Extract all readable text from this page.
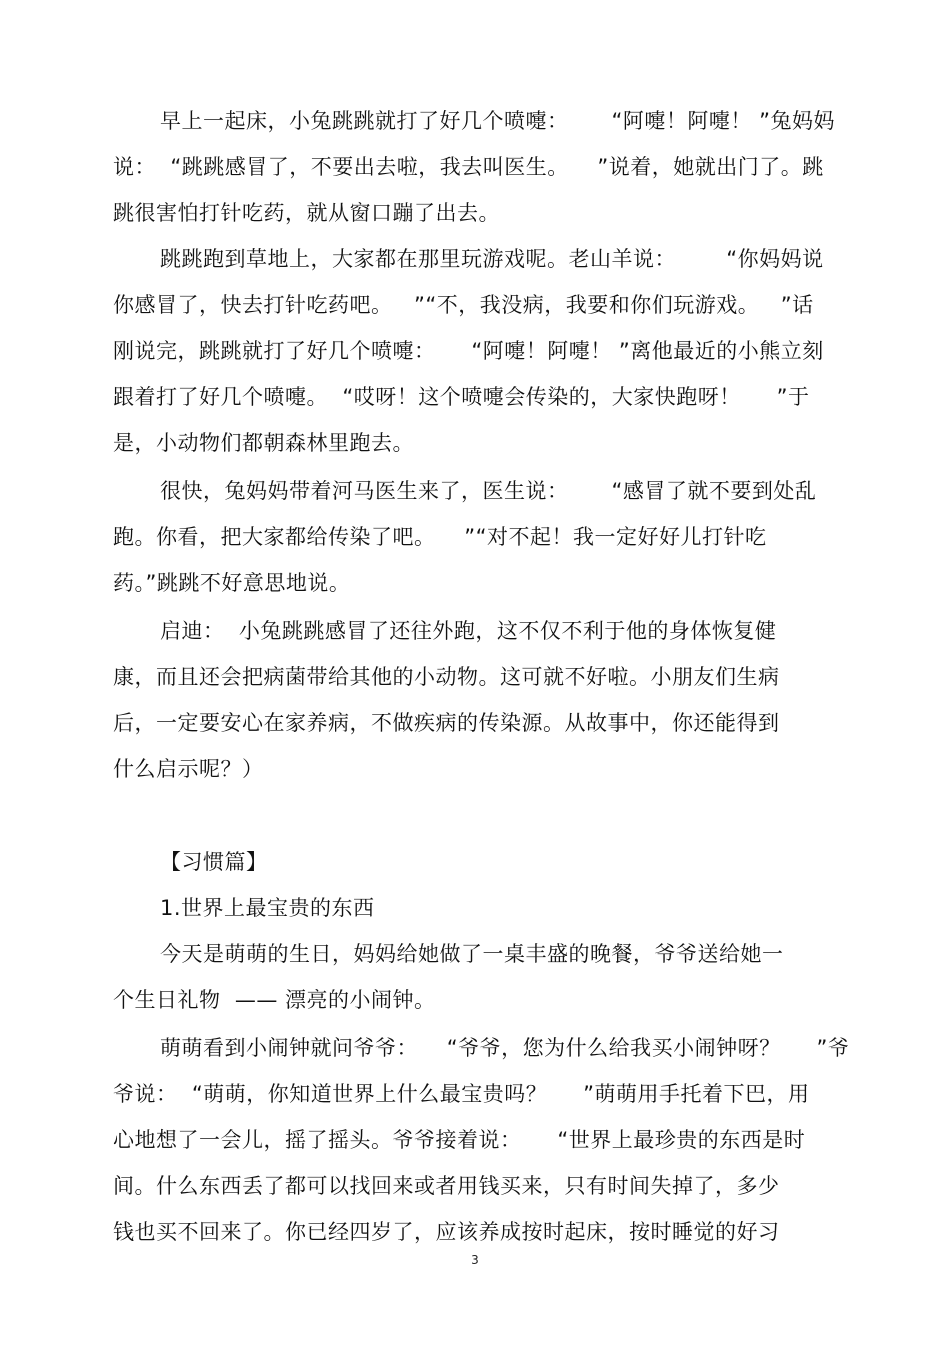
早上一起床，小兔跳跳就打了好几个喷嚏：      “阿嚏！阿嚏！ ”兔妈妈
说：  “跳跳感冒了，不要出去啦，我去叫医生。    ”说着，她就出门了。跳
跳很害怕打针吃药，就从窗口蹦了出去。
跳跳跑到草地上，大家都在那里玩游戏呢。老山羊说：       “你妈妈说
你感冒了，快去打针吃药吧。   ”“不，我没病，我要和你们玩游戏。   ”话
刚说完，跳跳就打了好几个喷嚏：     “阿嚏！阿嚏！ ”离他最近的小熊立刻
跟着打了好几个喷嚏。  “哎呀！这个喷嚏会传染的，大家快跑呀！     ”于
是，小动物们都朝森林里跑去。
很快，兔妈妈带着河马医生来了，医生说：      “感冒了就不要到处乱
跑。你看，把大家都给传染了吧。    ”“对不起！我一定好好儿打针吃
药。”跳跳不好意思地说。
启迪：  小兔跳跳感冒了还往外跑，这不仅不利于他的身体恢复健
康，而且还会把病菌带给其他的小动物。这可就不好啦。小朋友们生病
后，一定要安心在家养病，不做疾病的传染源。从故事中，你还能得到
什么启示呢？）
【习惯篇】
1.世界上最宝贵的东西
今天是萌萌的生日，妈妈给她做了一桌丰盛的晚餐，爷爷送给她一
个生日礼物  —— 漂亮的小闹钟。
萌萌看到小闹钟就问爷爷：    “爷爷，您为什么给我买小闹钟呀？     ”爷
爷说：  “萌萌，你知道世界上什么最宝贵吗？     ”萌萌用手托着下巴，用
心地想了一会儿，摇了摇头。爷爷接着说：     “世界上最珍贵的东西是时
间。什么东西丢了都可以找回来或者用钱买来，只有时间失掉了，多少
钱也买不回来了。你已经四岁了，应该养成按时起床，按时睡觉的好习
3
